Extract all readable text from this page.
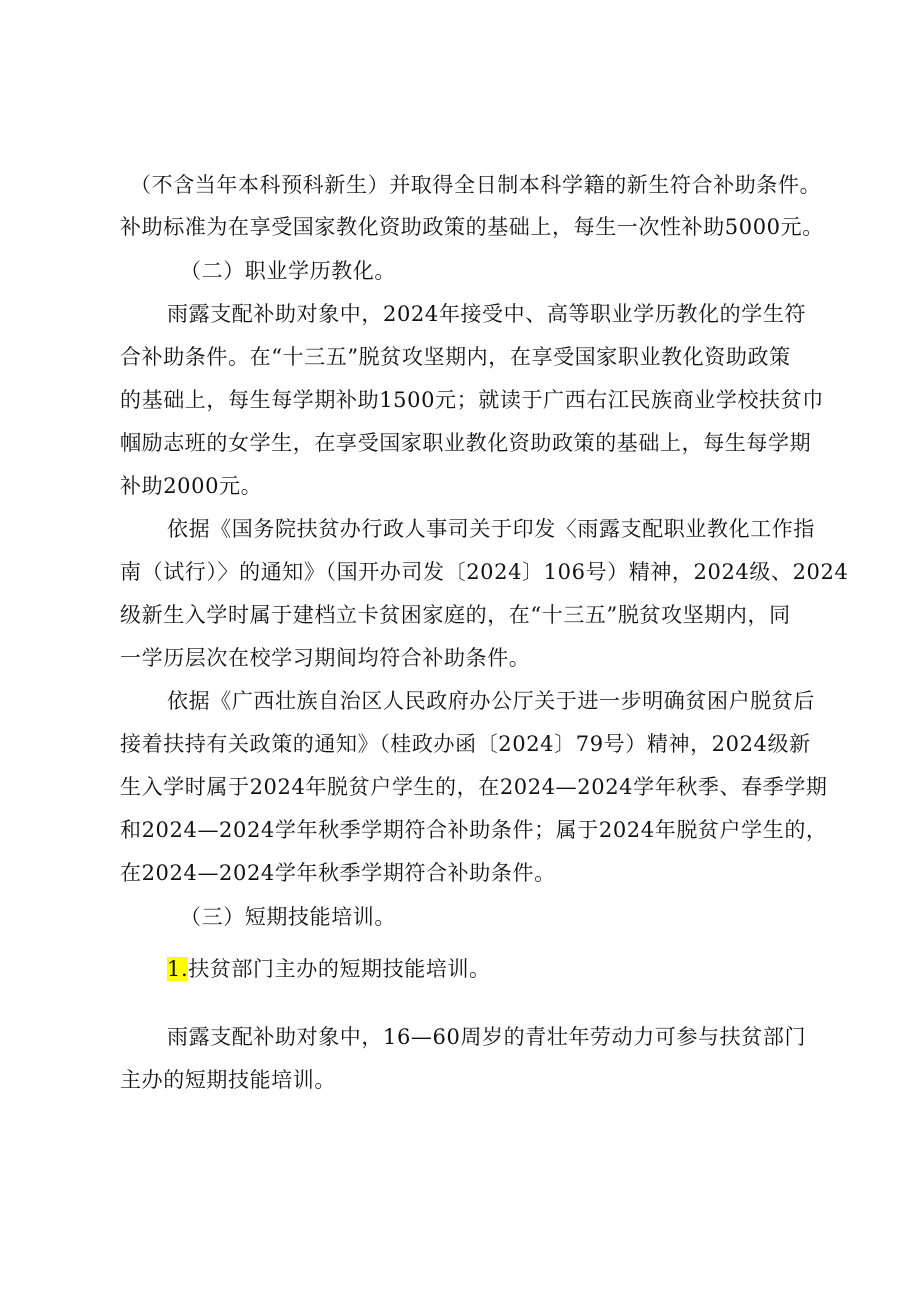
（不含当年本科预科新生）并取得全日制本科学籍的新生符合补助条件。
补助标准为在享受国家教化资助政策的基础上，每生一次性补助5000元。
（二）职业学历教化。
雨露支配补助对象中，2024年接受中、高等职业学历教化的学生符
合补助条件。在“十三五”脱贫攻坚期内，在享受国家职业教化资助政策
的基础上，每生每学期补助1500元；就读于广西右江民族商业学校扶贫巾
帼励志班的女学生，在享受国家职业教化资助政策的基础上，每生每学期
补助2000元。
依据《国务院扶贫办行政人事司关于印发〈雨露支配职业教化工作指
南（试行）〉的通知》（国开办司发〔2024〕106号）精神，2024级、2024
级新生入学时属于建档立卡贫困家庭的，在“十三五”脱贫攻坚期内，同
一学历层次在校学习期间均符合补助条件。
依据《广西壮族自治区人民政府办公厅关于进一步明确贫困户脱贫后
接着扶持有关政策的通知》（桂政办函〔2024〕79号）精神，2024级新
生入学时属于2024年脱贫户学生的，在2024—2024学年秋季、春季学期
和2024—2024学年秋季学期符合补助条件；属于2024年脱贫户学生的，
在2024—2024学年秋季学期符合补助条件。
（三）短期技能培训。
1.扶贫部门主办的短期技能培训。
雨露支配补助对象中，16—60周岁的青壮年劳动力可参与扶贫部门
主办的短期技能培训。
